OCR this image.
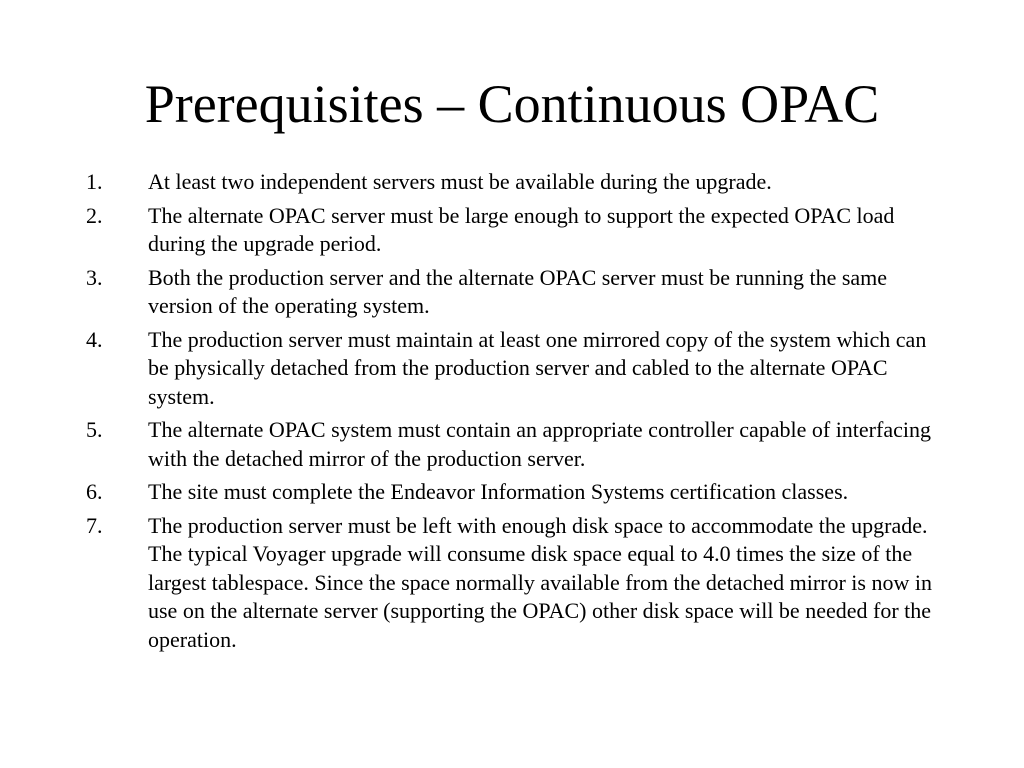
Prerequisites – Continuous OPAC
1.	At least two independent servers must be available during the upgrade.
2.	The alternate OPAC server must be large enough to support the expected OPAC load during the upgrade period.
3.	Both the production server and the alternate OPAC server must be running the same version of the operating system.
4.	The production server must maintain at least one mirrored copy of the system which can be physically detached from the production server and cabled to the alternate OPAC system.
5.	The alternate OPAC system must contain an appropriate controller capable of interfacing with the detached mirror of the production server.
6.	The site must complete the Endeavor Information Systems certification classes.
7.	The production server must be left with enough disk space to accommodate the upgrade. The typical Voyager upgrade will consume disk space equal to 4.0 times the size of the largest tablespace. Since the space normally available from the detached mirror is now in use on the alternate server (supporting the OPAC) other disk space will be needed for the operation.
